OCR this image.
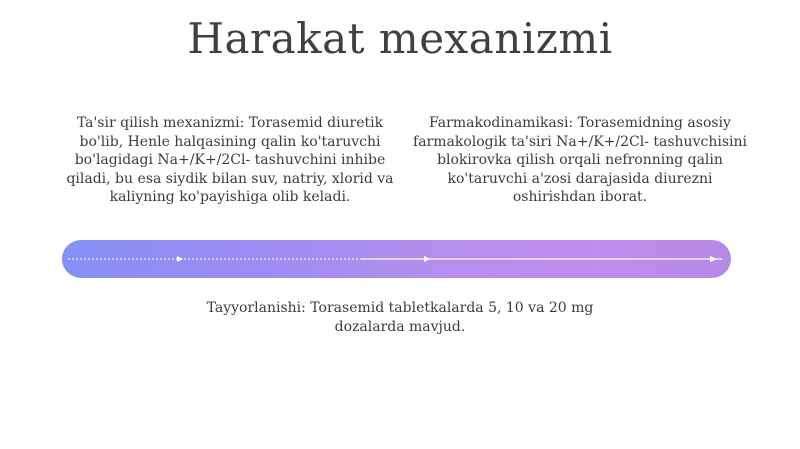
Harakat mexanizmi

Ta'sir qilish mexanizmi: Torasemid diuretik bo'lib, Henle halqasining qalin ko'taruvchi bo'lagidagi Na+/K+/2Cl- tashuvchini inhibe qiladi, bu esa siydik bilan suv, natriy, xlorid va kaliyning ko'payishiga olib keladi.

Farmakodinamikasi: Torasemidning asosiy farmakologik ta'siri Na+/K+/2Cl- tashuvchisini blokirovka qilish orqali nefronning qalin ko'taruvchi a'zosi darajasida diurezni oshirishdan iborat.

Tayyorlanishi: Torasemid tabletkalarda 5, 10 va 20 mg dozalarda mavjud.
